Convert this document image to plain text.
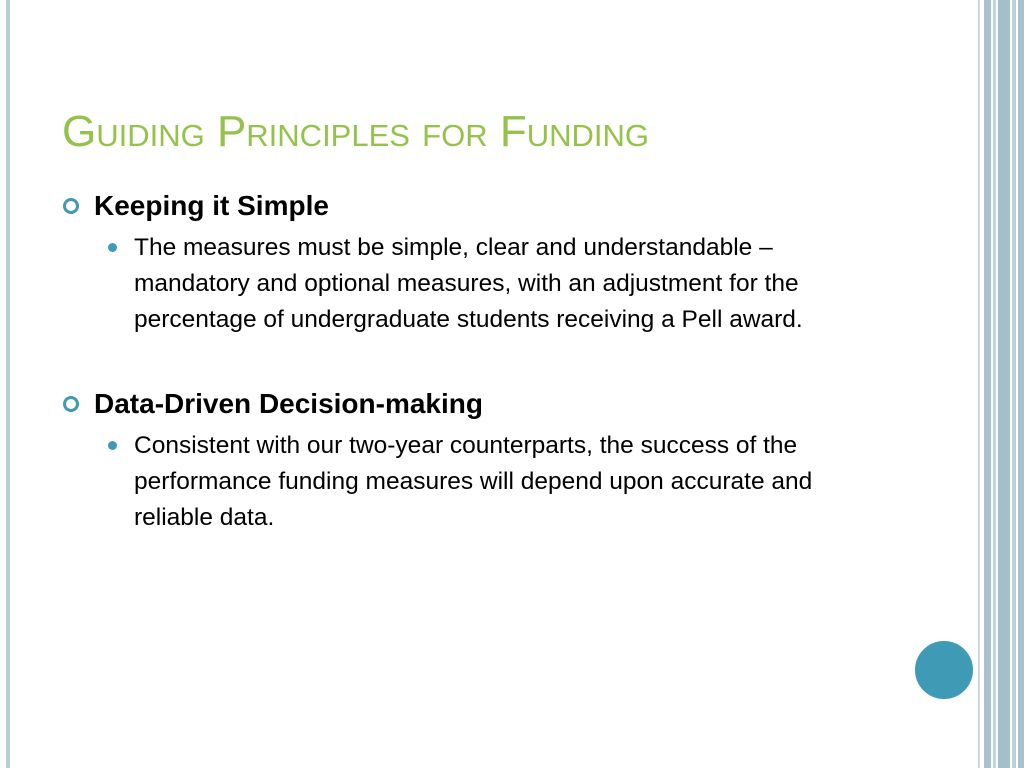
Guiding Principles for Funding
Keeping it Simple
The measures must be simple, clear and understandable – mandatory and optional measures, with an adjustment for the percentage of undergraduate students receiving a Pell award.
Data-Driven Decision-making
Consistent with our two-year counterparts, the success of the performance funding measures will depend upon accurate and reliable data.
